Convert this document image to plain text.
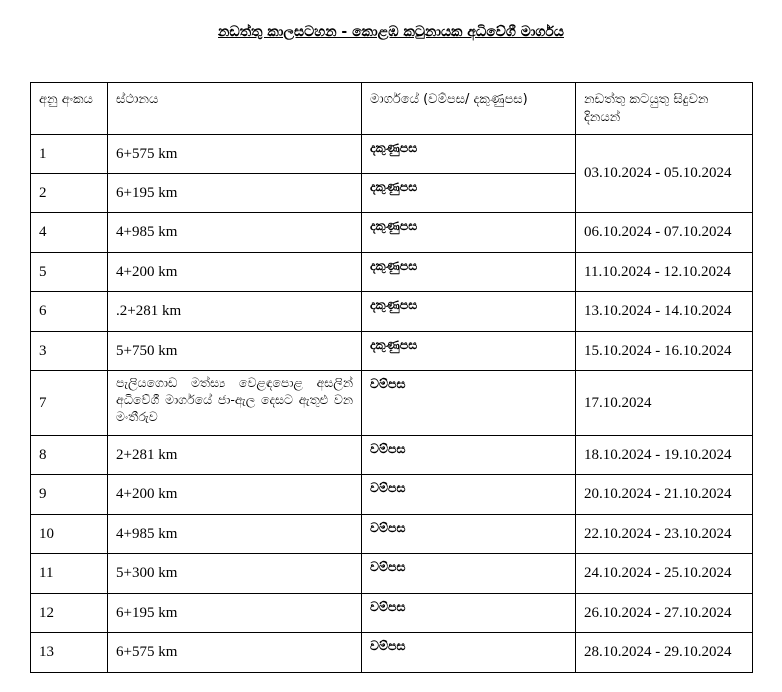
නඩත්තු කාලසටහන - කොළඹ කටුනායක අධිවේගී මාර්ගය
අනු අංකය	ස්ථානය	මාර්ගයේ (වම්පස/ දකුණුපස)	නඩත්තු කටයුතු සිදුවන දිනයන්
1	6+575 km	දකුණුපස	03.10.2024 - 05.10.2024
2	6+195 km	දකුණුපස	
4	4+985 km	දකුණුපස	06.10.2024 - 07.10.2024
5	4+200 km	දකුණුපස	11.10.2024 - 12.10.2024
6	.2+281 km	දකුණුපස	13.10.2024 - 14.10.2024
3	5+750 km	දකුණුපස	15.10.2024 - 16.10.2024
7	පැලියගොඩ මත්ස්‍ය වෙළඳපොළ අසලින් අධිවේගී මාර්ගයේ ජා-ඇල දෙසට ඇතුළු වන මංතීරුව	වම්පස	17.10.2024
8	2+281 km	වම්පස	18.10.2024 - 19.10.2024
9	4+200 km	වම්පස	20.10.2024 - 21.10.2024
10	4+985 km	වම්පස	22.10.2024 - 23.10.2024
11	5+300 km	වම්පස	24.10.2024 - 25.10.2024
12	6+195 km	වම්පස	26.10.2024 - 27.10.2024
13	6+575 km	වම්පස	28.10.2024 - 29.10.2024
